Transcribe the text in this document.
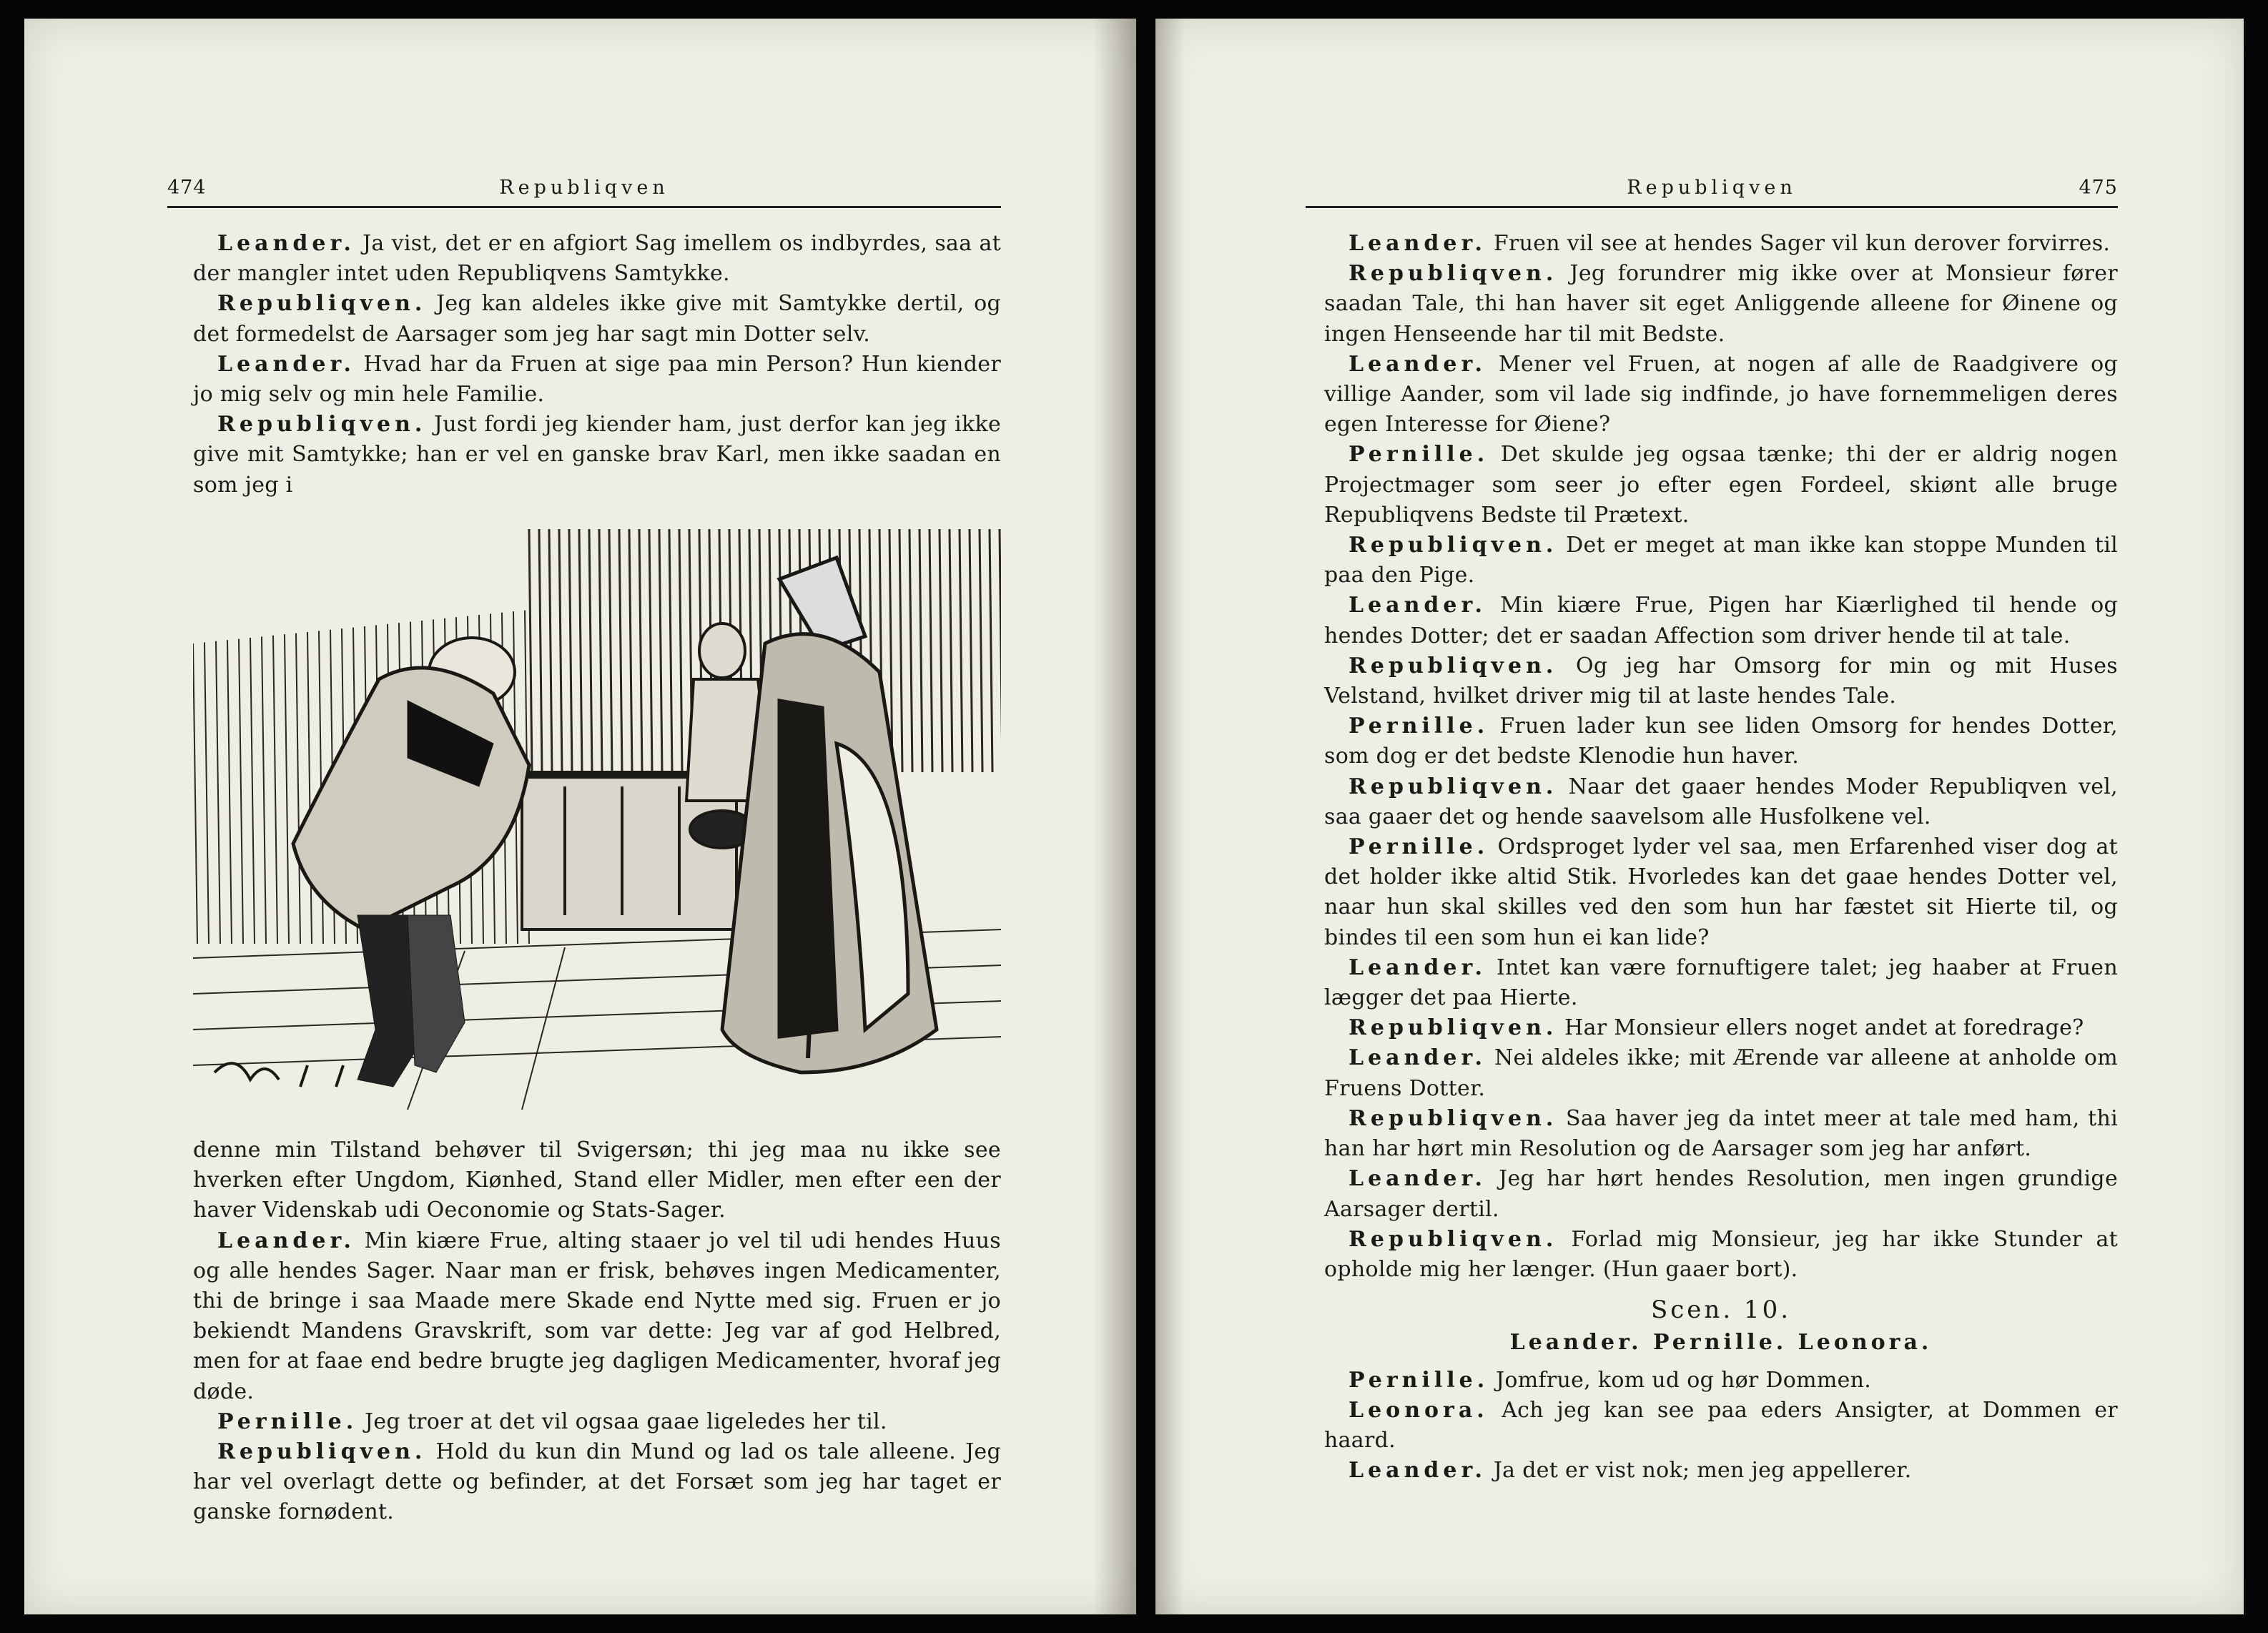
474	Republiqven

Leander. Ja vist, det er en afgiort Sag imellem os indbyrdes, saa at der mangler intet uden Republiqvens Samtykke.

Republiqven. Jeg kan aldeles ikke give mit Samtykke dertil, og det formedelst de Aarsager som jeg har sagt min Dotter selv.

Leander. Hvad har da Fruen at sige paa min Person? Hun kiender jo mig selv og min hele Familie.

Republiqven. Just fordi jeg kiender ham, just derfor kan jeg ikke give mit Samtykke; han er vel en ganske brav Karl, men ikke saadan en som jeg i

denne min Tilstand behøver til Svigersøn; thi jeg maa nu ikke see hverken efter Ungdom, Kiønhed, Stand eller Midler, men efter een der haver Videnskab udi Oeconomie og Stats-Sager.

Leander. Min kiære Frue, alting staaer jo vel til udi hendes Huus og alle hendes Sager. Naar man er frisk, behøves ingen Medicamenter, thi de bringe i saa Maade mere Skade end Nytte med sig. Fruen er jo bekiendt Mandens Gravskrift, som var dette: Jeg var af god Helbred, men for at faae end bedre brugte jeg dagligen Medicamenter, hvoraf jeg døde.

Pernille. Jeg troer at det vil ogsaa gaae ligeledes her til.

Republiqven. Hold du kun din Mund og lad os tale alleene. Jeg har vel overlagt dette og befinder, at det Forsæt som jeg har taget er ganske fornødent.

Republiqven	475

Leander. Fruen vil see at hendes Sager vil kun derover forvirres.

Republiqven. Jeg forundrer mig ikke over at Monsieur fører saadan Tale, thi han haver sit eget Anliggende alleene for Øinene og ingen Henseende har til mit Bedste.

Leander. Mener vel Fruen, at nogen af alle de Raadgivere og villige Aander, som vil lade sig indfinde, jo have fornemmeligen deres egen Interesse for Øiene?

Pernille. Det skulde jeg ogsaa tænke; thi der er aldrig nogen Projectmager som seer jo efter egen Fordeel, skiønt alle bruge Republiqvens Bedste til Prætext.

Republiqven. Det er meget at man ikke kan stoppe Munden til paa den Pige.

Leander. Min kiære Frue, Pigen har Kiærlighed til hende og hendes Dotter; det er saadan Affection som driver hende til at tale.

Republiqven. Og jeg har Omsorg for min og mit Huses Velstand, hvilket driver mig til at laste hendes Tale.

Pernille. Fruen lader kun see liden Omsorg for hendes Dotter, som dog er det bedste Klenodie hun haver.

Republiqven. Naar det gaaer hendes Moder Republiqven vel, saa gaaer det og hende saavelsom alle Husfolkene vel.

Pernille. Ordsproget lyder vel saa, men Erfarenhed viser dog at det holder ikke altid Stik. Hvorledes kan det gaae hendes Dotter vel, naar hun skal skilles ved den som hun har fæstet sit Hierte til, og bindes til een som hun ei kan lide?

Leander. Intet kan være fornuftigere talet; jeg haaber at Fruen lægger det paa Hierte.

Republiqven. Har Monsieur ellers noget andet at foredrage?

Leander. Nei aldeles ikke; mit Ærende var alleene at anholde om Fruens Dotter.

Republiqven. Saa haver jeg da intet meer at tale med ham, thi han har hørt min Resolution og de Aarsager som jeg har anført.

Leander. Jeg har hørt hendes Resolution, men ingen grundige Aarsager dertil.

Republiqven. Forlad mig Monsieur, jeg har ikke Stunder at opholde mig her længer. (Hun gaaer bort).

Scen. 10.

Leander. Pernille. Leonora.

Pernille. Jomfrue, kom ud og hør Dommen.

Leonora. Ach jeg kan see paa eders Ansigter, at Dommen er haard.

Leander. Ja det er vist nok; men jeg appellerer.
